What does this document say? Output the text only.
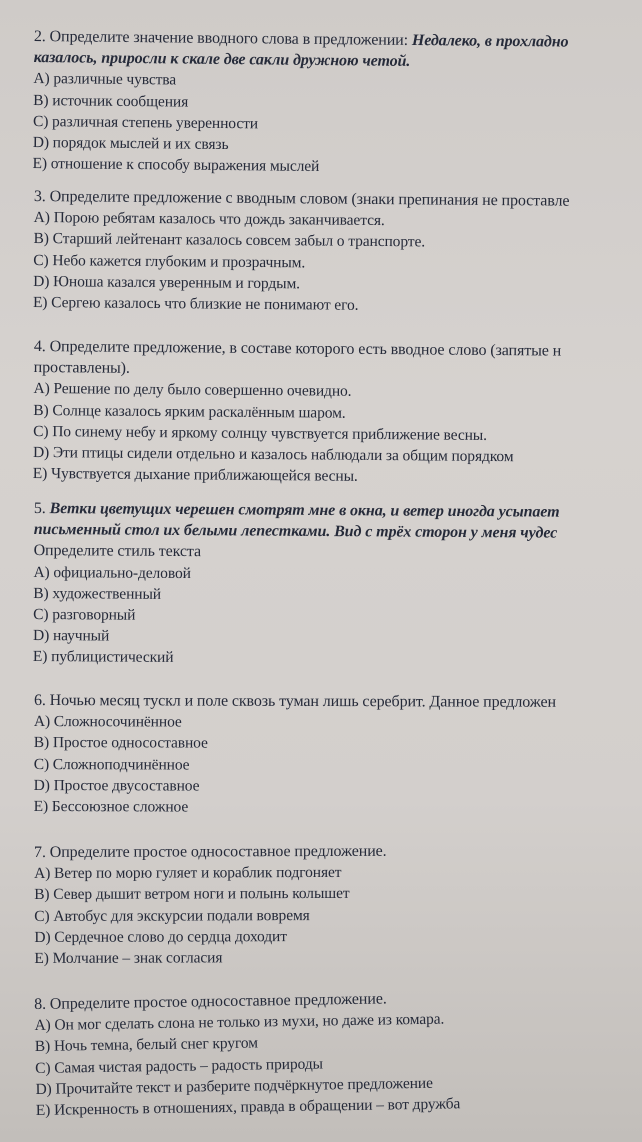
2. Определите значение вводного слова в предложении: Недалеко, в прохладно
казалось, приросли к скале две сакли дружною четой.
A) различные чувства
B) источник сообщения
C) различная степень уверенности
D) порядок мыслей и их связь
E) отношение к способу выражения мыслей
3. Определите предложение с вводным словом (знаки препинания не проставле
A) Порою ребятам казалось что дождь заканчивается.
B) Старший лейтенант казалось совсем забыл о транспорте.
C) Небо кажется глубоким и прозрачным.
D) Юноша казался уверенным и гордым.
E) Сергею казалось что близкие не понимают его.
4. Определите предложение, в составе которого есть вводное слово (запятые н
проставлены).
A) Решение по делу было совершенно очевидно.
B) Солнце казалось ярким раскалённым шаром.
C) По синему небу и яркому солнцу чувствуется приближение весны.
D) Эти птицы сидели отдельно и казалось наблюдали за общим порядком
E) Чувствуется дыхание приближающейся весны.
5. Ветки цветущих черешен смотрят мне в окна, и ветер иногда усыпает
письменный стол их белыми лепестками. Вид с трёх сторон у меня чудес
Определите стиль текста
A) официально-деловой
B) художественный
C) разговорный
D) научный
E) публицистический
6. Ночью месяц тускл и поле сквозь туман лишь серебрит. Данное предложен
A) Сложносочинённое
B) Простое односоставное
C) Сложноподчинённое
D) Простое двусоставное
E) Бессоюзное сложное
7. Определите простое односоставное предложение.
A) Ветер по морю гуляет и кораблик подгоняет
B) Север дышит ветром ноги и полынь колышет
C) Автобус для экскурсии подали вовремя
D) Сердечное слово до сердца доходит
E) Молчание – знак согласия
8. Определите простое односоставное предложение.
A) Он мог сделать слона не только из мухи, но даже из комара.
B) Ночь темна, белый снег кругом
C) Самая чистая радость – радость природы
D) Прочитайте текст и разберите подчёркнутое предложение
E) Искренность в отношениях, правда в обращении – вот дружба
